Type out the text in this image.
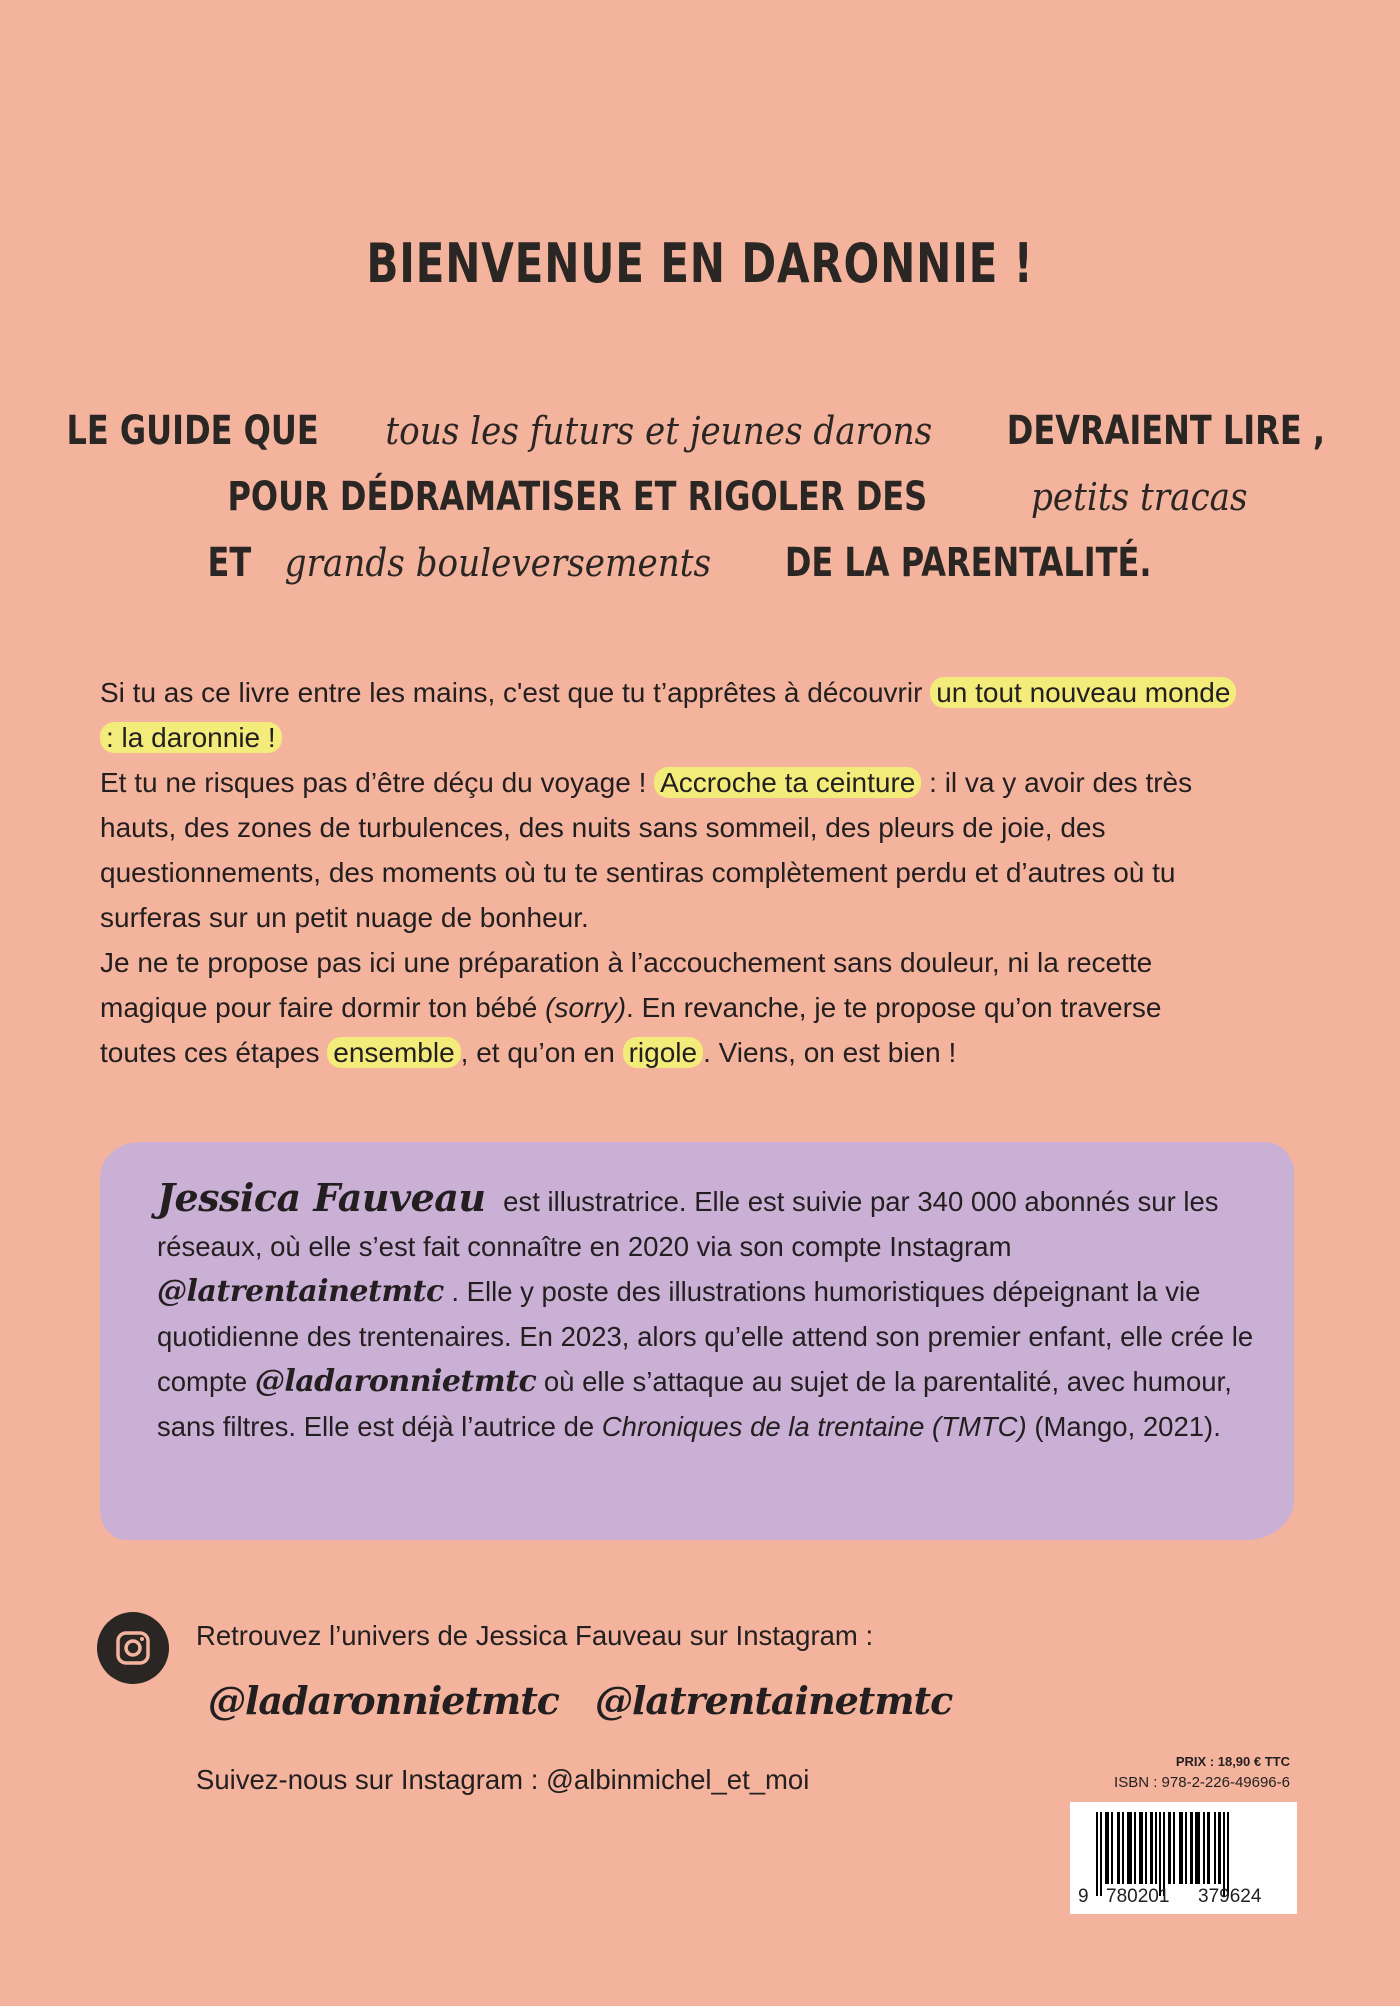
BIENVENUE EN DARONNIE !
LE GUIDE QUE tous les futurs et jeunes darons DEVRAIENT LIRE ,
POUR DÉDRAMATISER ET RIGOLER DES	petits tracas
ET grands bouleversements DE LA PARENTALITÉ.

Si tu as ce livre entre les mains, c'est que tu t’apprêtes à découvrir un tout nouveau monde : la daronnie !

Et tu ne risques pas d’être déçu du voyage ! Accroche ta ceinture : il va y avoir des très hauts, des zones de turbulences, des nuits sans sommeil, des pleurs de joie, des questionnements, des moments où tu te sentiras complètement perdu et d’autres où tu surferas sur un petit nuage de bonheur.

Je ne te propose pas ici une préparation à l’accouchement sans douleur, ni la recette magique pour faire dormir ton bébé (sorry). En revanche, je te propose qu’on traverse toutes ces étapes ensemble , et qu’on en rigole . Viens, on est bien !

Jessica Fauveau est illustratrice. Elle est suivie par 340 000 abonnés sur les réseaux, où elle s’est fait connaître en 2020 via son compte Instagram @latrentainetmtc . Elle y poste des illustrations humoristiques dépeignant la vie quotidienne des trentenaires. En 2023, alors qu’elle attend son premier enfant, elle crée le compte @ladaronnietmtc où elle s’attaque au sujet de la parentalité, avec humour, sans filtres. Elle est déjà l’autrice de Chroniques de la trentaine (TMTC) (Mango, 2021).

Retrouvez l’univers de Jessica Fauveau sur Instagram :

@ladaronnietmtc @latrentainetmtc

Suivez-nous sur Instagram : @albinmichel_et_moi

PRIX : 18,90 € TTC

ISBN : 978-2-226-49696-6

9 780201 379624
